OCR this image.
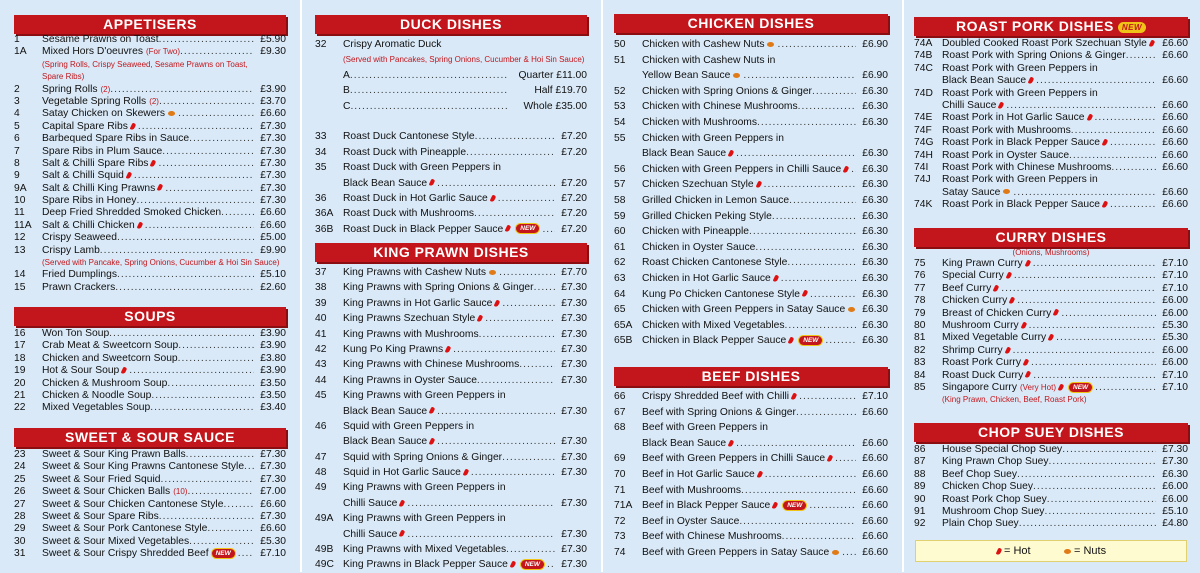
APPETISERS
1 Sesame Prawns on Toast .....	£5.90
1A Mixed Hors D'oeuvres (For Two) .....	£9.30
(Spring Rolls, Crispy Seaweed, Sesame Prawns on Toast,
Spare Ribs)
2 Spring Rolls (2) .....	£3.90
3 Vegetable Spring Rolls (2) .....	£3.70
4 Satay Chicken on Skewers .....	£6.60
5 Capital Spare Ribs .....	£7.30
6 Barbequed Spare Ribs in Sauce .....	£7.30
7 Spare Ribs in Plum Sauce .....	£7.30
8 Salt & Chilli Spare Ribs .....	£7.30
9 Salt & Chilli Squid .....	£7.30
9A Salt & Chilli King Prawns .....	£7.30
10 Spare Ribs in Honey .....	£7.30
11 Deep Fried Shredded Smoked Chicken .....	£6.60
11A Salt & Chilli Chicken .....	£6.60
12 Crispy Seaweed .....	£5.00
13 Crispy Lamb .....	£9.90
(Served with Pancake, Spring Onions, Cucumber & Hoi Sin Sauce)
14 Fried Dumplings .....	£5.10
15 Prawn Crackers .....	£2.60
SOUPS
16 Won Ton Soup .....	£3.90
17 Crab Meat & Sweetcorn Soup .....	£3.90
18 Chicken and Sweetcorn Soup .....	£3.80
19 Hot & Sour Soup .....	£3.90
20 Chicken & Mushroom Soup .....	£3.50
21 Chicken & Noodle Soup .....	£3.50
22 Mixed Vegetables Soup .....	£3.40
SWEET & SOUR SAUCE
23 Sweet & Sour King Prawn Balls .....	£7.30
24 Sweet & Sour King Prawns Cantonese Style ..... £7.30
25 Sweet & Sour Fried Squid .....	£7.30
26 Sweet & Sour Chicken Balls (10) .....	£7.00
27 Sweet & Sour Chicken Cantonese Style .....	£6.60
28 Sweet & Sour Spare Ribs .....	£7.30
29 Sweet & Sour Pork Cantonese Style .....	£6.60
30 Sweet & Sour Mixed Vegetables .....	£5.30
31 Sweet & Sour Crispy Shredded Beef NEW .....	£7.10
DUCK DISHES
32 Crispy Aromatic Duck
(Served with Pancakes, Spring Onions, Cucumber & Hoi Sin Sauce)
A .....	Quarter £11.00
B .....	Half £19.70
C .....	Whole £35.00
33 Roast Duck Cantonese Style .....	£7.20
34 Roast Duck with Pineapple .....	£7.20
35 Roast Duck with Green Peppers in
Black Bean Sauce .....	£7.20
36 Roast Duck in Hot Garlic Sauce .....	£7.20
36A Roast Duck with Mushrooms .....	£7.20
36B Roast Duck in Black Pepper Sauce	NEW .....	£7.20
KING PRAWN DISHES
37 King Prawns with Cashew Nuts .....	£7.70
38 King Prawns with Spring Onions & Ginger .....	£7.30
39 King Prawns in Hot Garlic Sauce .....	£7.30
40 King Prawns Szechuan Style .....	£7.30
41 King Prawns with Mushrooms .....	£7.30
42 Kung Po King Prawns .....	£7.30
43 King Prawns with Chinese Mushrooms .....	£7.30
44 King Prawns in Oyster Sauce .....	£7.30
45 King Prawns with Green Peppers in
Black Bean Sauce .....	£7.30
46 Squid with Green Peppers in
Black Bean Sauce .....	£7.30
47 Squid with Spring Onions & Ginger .....	£7.30
48 Squid in Hot Garlic Sauce .....	£7.30
49 King Prawns with Green Peppers in
Chilli Sauce .....	£7.30
49A King Prawns with Green Peppers in
Chilli Sauce .....	£7.30
49B King Prawns with Mixed Vegetables .....	£7.30
49C King Prawns in Black Pepper Sauce	NEW .....	£7.30
CHICKEN DISHES
50 Chicken with Cashew Nuts .....	£6.90
51 Chicken with Cashew Nuts in
Yellow Bean Sauce .....	£6.90
52 Chicken with Spring Onions & Ginger .....	£6.30
53 Chicken with Chinese Mushrooms .....	£6.30
54 Chicken with Mushrooms .....	£6.30
55 Chicken with Green Peppers in
Black Bean Sauce .....	£6.30
56 Chicken with Green Peppers in Chilli Sauce .....	£6.30
57 Chicken Szechuan Style .....	£6.30
58 Grilled Chicken in Lemon Sauce .....	£6.30
59 Grilled Chicken Peking Style .....	£6.30
60 Chicken with Pineapple .....	£6.30
61 Chicken in Oyster Sauce .....	£6.30
62 Roast Chicken Cantonese Style .....	£6.30
63 Chicken in Hot Garlic Sauce .....	£6.30
64 Kung Po Chicken Cantonese Style .....	£6.30
65 Chicken with Green Peppers in Satay Sauce	£6.30
65A Chicken with Mixed Vegetables .....	£6.30
65B Chicken in Black Pepper Sauce	NEW .....	£6.30
BEEF DISHES
66 Crispy Shredded Beef with Chilli .....	£7.10
67 Beef with Spring Onions & Ginger .....	£6.60
68 Beef with Green Peppers in
Black Bean Sauce .....	£6.60
69 Beef with Green Peppers in Chilli Sauce .....	£6.60
70 Beef in Hot Garlic Sauce .....	£6.60
71 Beef with Mushrooms .....	£6.60
71A Beef in Black Pepper Sauce	NEW .....	£6.60
72 Beef in Oyster Sauce .....	£6.60
73 Beef with Chinese Mushrooms .....	£6.60
74 Beef with Green Peppers in Satay Sauce .....	£6.60
ROAST PORK DISHES NEW
74A Doubled Cooked Roast Pork Szechuan Style	£6.60
74B Roast Pork with Spring Onions & Ginger .....	£6.60
74C Roast Pork with Green Peppers in
Black Bean Sauce .....	£6.60
74D Roast Pork with Green Peppers in
Chilli Sauce .....	£6.60
74E Roast Pork in Hot Garlic Sauce .....	£6.60
74F Roast Pork with Mushrooms .....	£6.60
74G Roast Pork in Black Pepper Sauce .....	£6.60
74H Roast Pork in Oyster Sauce .....	£6.60
74I Roast Pork with Chinese Mushrooms .....	£6.60
74J Roast Pork with Green Peppers in
Satay Sauce .....	£6.60
74K Roast Pork in Black Pepper Sauce .....	£6.60
CURRY DISHES
(Onions, Mushrooms)
75 King Prawn Curry .....	£7.10
76 Special Curry .....	£7.10
77 Beef Curry .....	£7.10
78 Chicken Curry .....	£6.00
79 Breast of Chicken Curry .....	£6.00
80 Mushroom Curry .....	£5.30
81 Mixed Vegetable Curry .....	£5.30
82 Shrimp Curry .....	£6.00
83 Roast Pork Curry .....	£6.00
84 Roast Duck Curry .....	£7.10
85 Singapore Curry (Very Hot)	NEW .....	£7.10
(King Prawn, Chicken, Beef, Roast Pork)
CHOP SUEY DISHES
86 House Special Chop Suey .....	£7.30
87 King Prawn Chop Suey .....	£7.30
88 Beef Chop Suey .....	£6.30
89 Chicken Chop Suey .....	£6.00
90 Roast Pork Chop Suey .....	£6.00
91 Mushroom Chop Suey .....	£5.10
92 Plain Chop Suey .....	£4.80
= Hot	= Nuts
